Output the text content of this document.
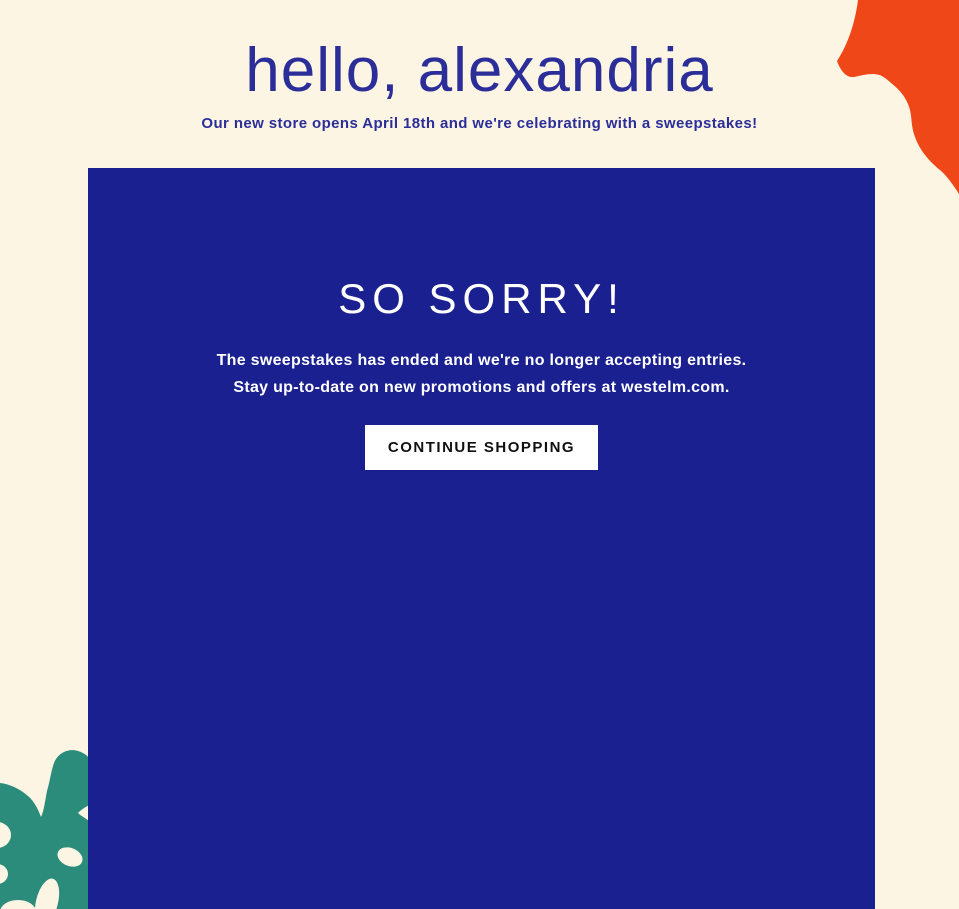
hello, alexandria
Our new store opens April 18th and we're celebrating with a sweepstakes!
SO SORRY!
The sweepstakes has ended and we're no longer accepting entries.
Stay up-to-date on new promotions and offers at westelm.com.
CONTINUE SHOPPING
